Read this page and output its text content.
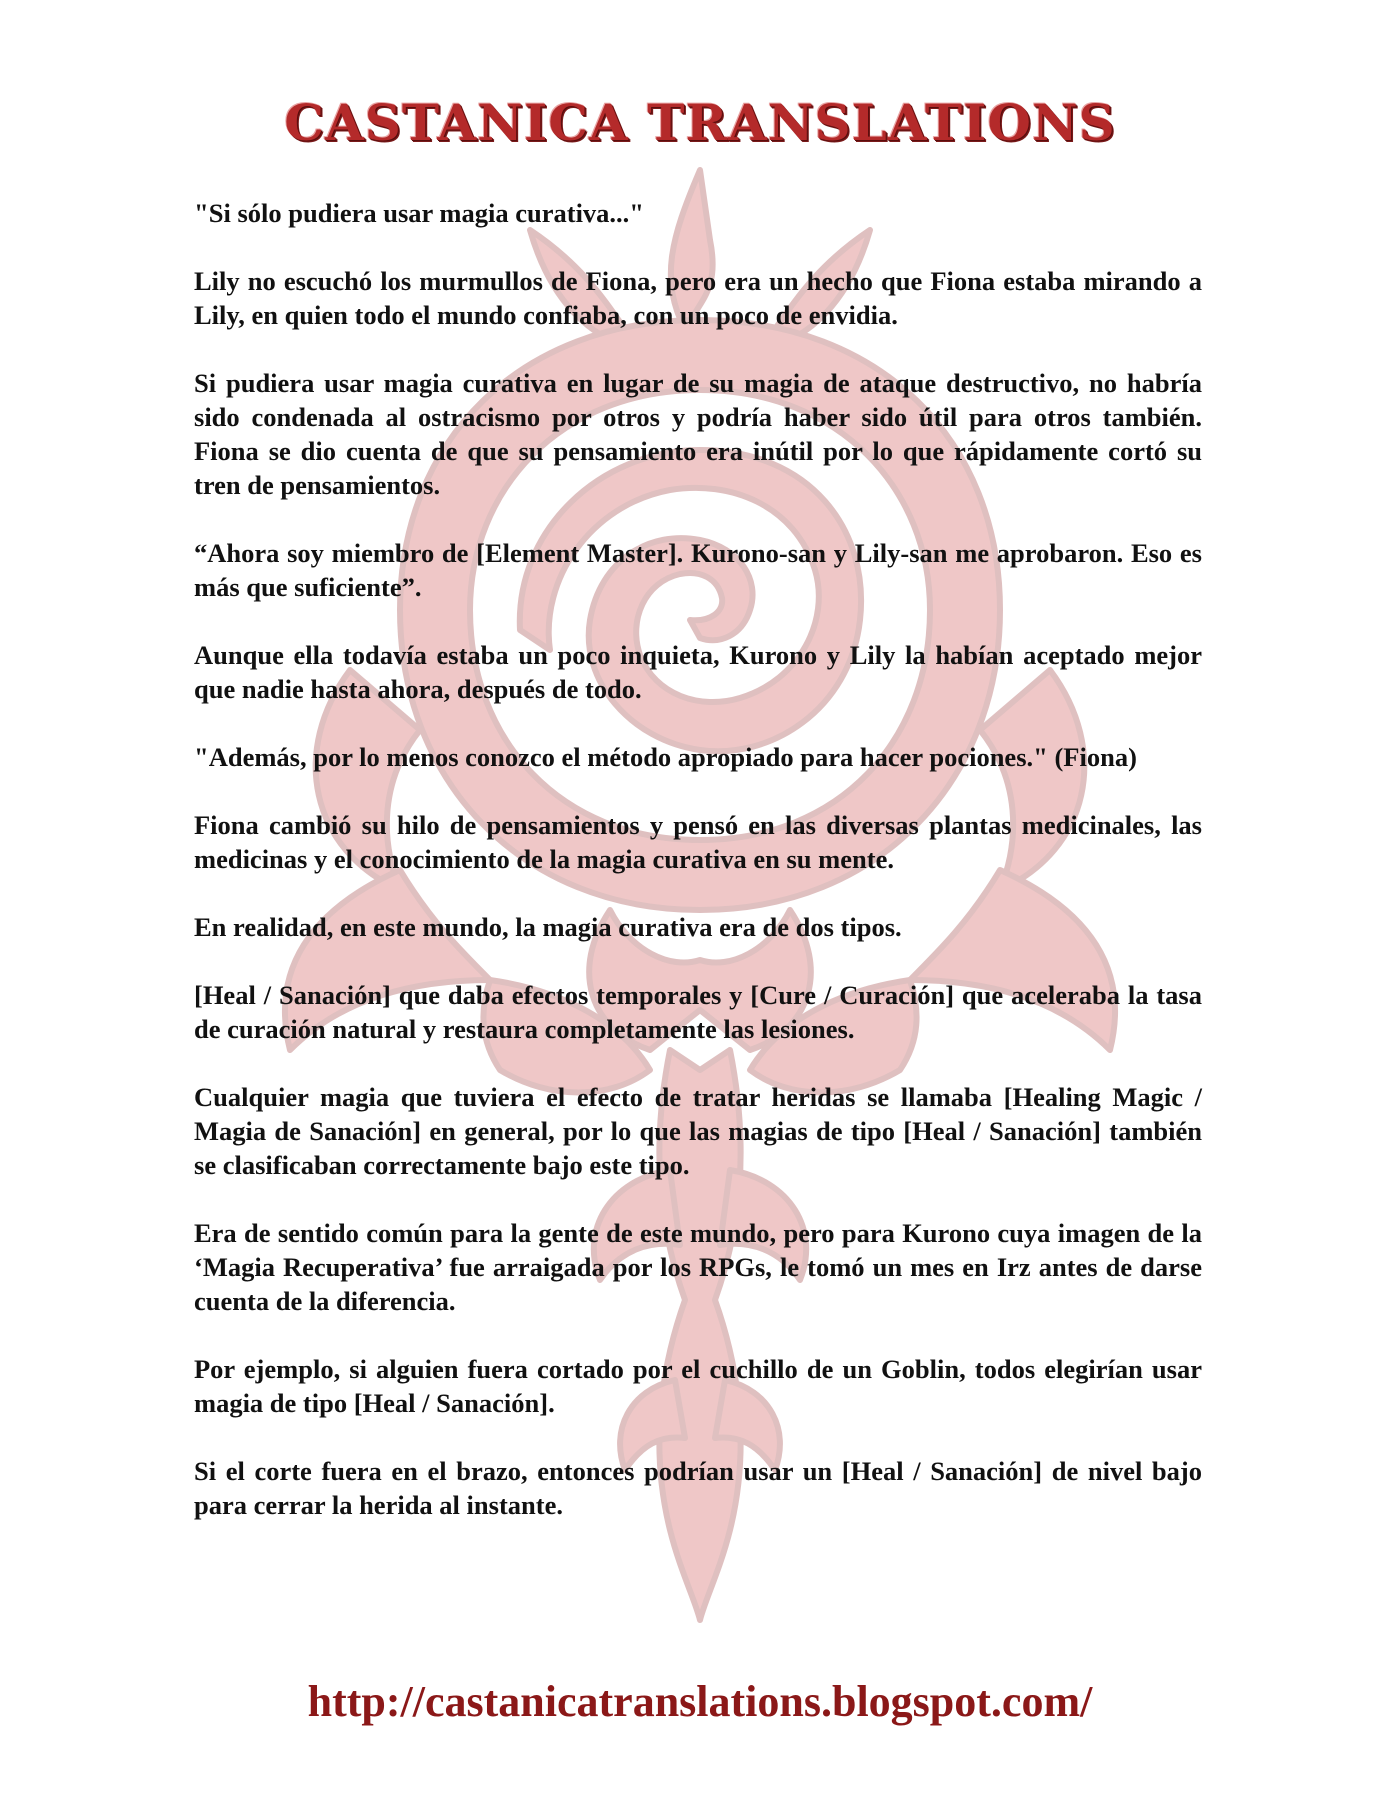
CASTANICA TRANSLATIONS

"Si sólo pudiera usar magia curativa..."

Lily no escuchó los murmullos de Fiona, pero era un hecho que Fiona estaba mirando a Lily, en quien todo el mundo confiaba, con un poco de envidia.

Si pudiera usar magia curativa en lugar de su magia de ataque destructivo, no habría sido condenada al ostracismo por otros y podría haber sido útil para otros también. Fiona se dio cuenta de que su pensamiento era inútil por lo que rápidamente cortó su tren de pensamientos.

“Ahora soy miembro de [Element Master]. Kurono-san y Lily-san me aprobaron. Eso es más que suficiente”.

Aunque ella todavía estaba un poco inquieta, Kurono y Lily la habían aceptado mejor que nadie hasta ahora, después de todo.

"Además, por lo menos conozco el método apropiado para hacer pociones." (Fiona)

Fiona cambió su hilo de pensamientos y pensó en las diversas plantas medicinales, las medicinas y el conocimiento de la magia curativa en su mente.

En realidad, en este mundo, la magia curativa era de dos tipos.

[Heal / Sanación] que daba efectos temporales y [Cure / Curación] que aceleraba la tasa de curación natural y restaura completamente las lesiones.

Cualquier magia que tuviera el efecto de tratar heridas se llamaba [Healing Magic / Magia de Sanación] en general, por lo que las magias de tipo [Heal / Sanación] también se clasificaban correctamente bajo este tipo.

Era de sentido común para la gente de este mundo, pero para Kurono cuya imagen de la ‘Magia Recuperativa’ fue arraigada por los RPGs, le tomó un mes en Irz antes de darse cuenta de la diferencia.

Por ejemplo, si alguien fuera cortado por el cuchillo de un Goblin, todos elegirían usar magia de tipo [Heal / Sanación].

Si el corte fuera en el brazo, entonces podrían usar un [Heal / Sanación] de nivel bajo para cerrar la herida al instante.

http://castanicatranslations.blogspot.com/
